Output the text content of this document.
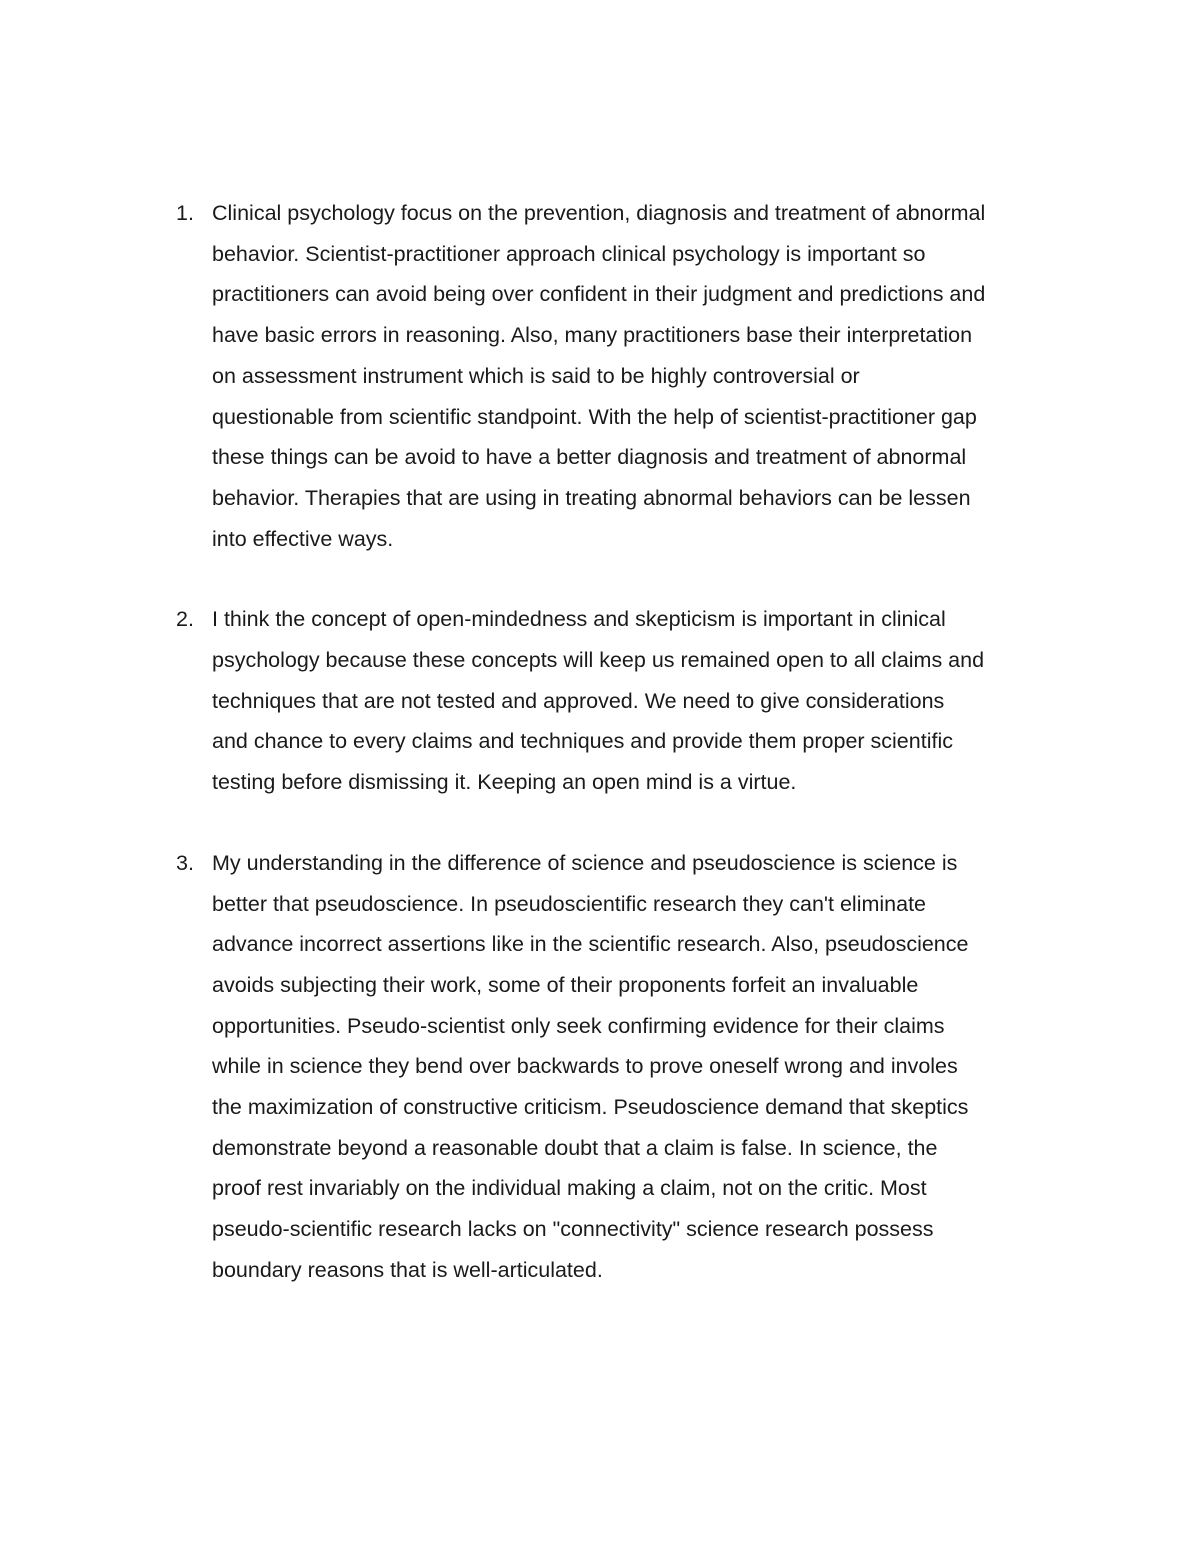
1. Clinical psychology focus on the prevention, diagnosis and treatment of abnormal
behavior. Scientist-practitioner approach clinical psychology is important so
practitioners can avoid being over confident in their judgment and predictions and
have basic errors in reasoning. Also, many practitioners base their interpretation
on assessment instrument which is said to be highly controversial or
questionable from scientific standpoint. With the help of scientist-practitioner gap
these things can be avoid to have a better diagnosis and treatment of abnormal
behavior. Therapies that are using in treating abnormal behaviors can be lessen
into effective ways.
2. I think the concept of open-mindedness and skepticism is important in clinical
psychology because these concepts will keep us remained open to all claims and
techniques that are not tested and approved. We need to give considerations
and chance to every claims and techniques and provide them proper scientific
testing before dismissing it. Keeping an open mind is a virtue.
3. My understanding in the difference of science and pseudoscience is science is
better that pseudoscience. In pseudoscientific research they can't eliminate
advance incorrect assertions like in the scientific research. Also, pseudoscience
avoids subjecting their work, some of their proponents forfeit an invaluable
opportunities. Pseudo-scientist only seek confirming evidence for their claims
while in science they bend over backwards to prove oneself wrong and involes
the maximization of constructive criticism. Pseudoscience demand that skeptics
demonstrate beyond a reasonable doubt that a claim is false. In science, the
proof rest invariably on the individual making a claim, not on the critic. Most
pseudo-scientific research lacks on "connectivity" science research possess
boundary reasons that is well-articulated.
